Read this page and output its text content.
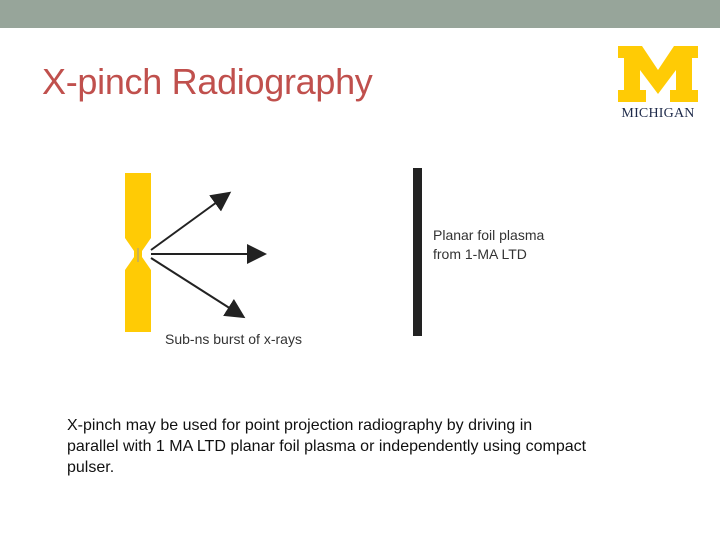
X-pinch Radiography
MICHIGAN
Planar foil plasma
from 1-MA LTD
Sub-ns burst of x-rays
X-pinch may be used for point projection radiography by driving in parallel with 1 MA LTD planar foil plasma or independently using compact pulser.
